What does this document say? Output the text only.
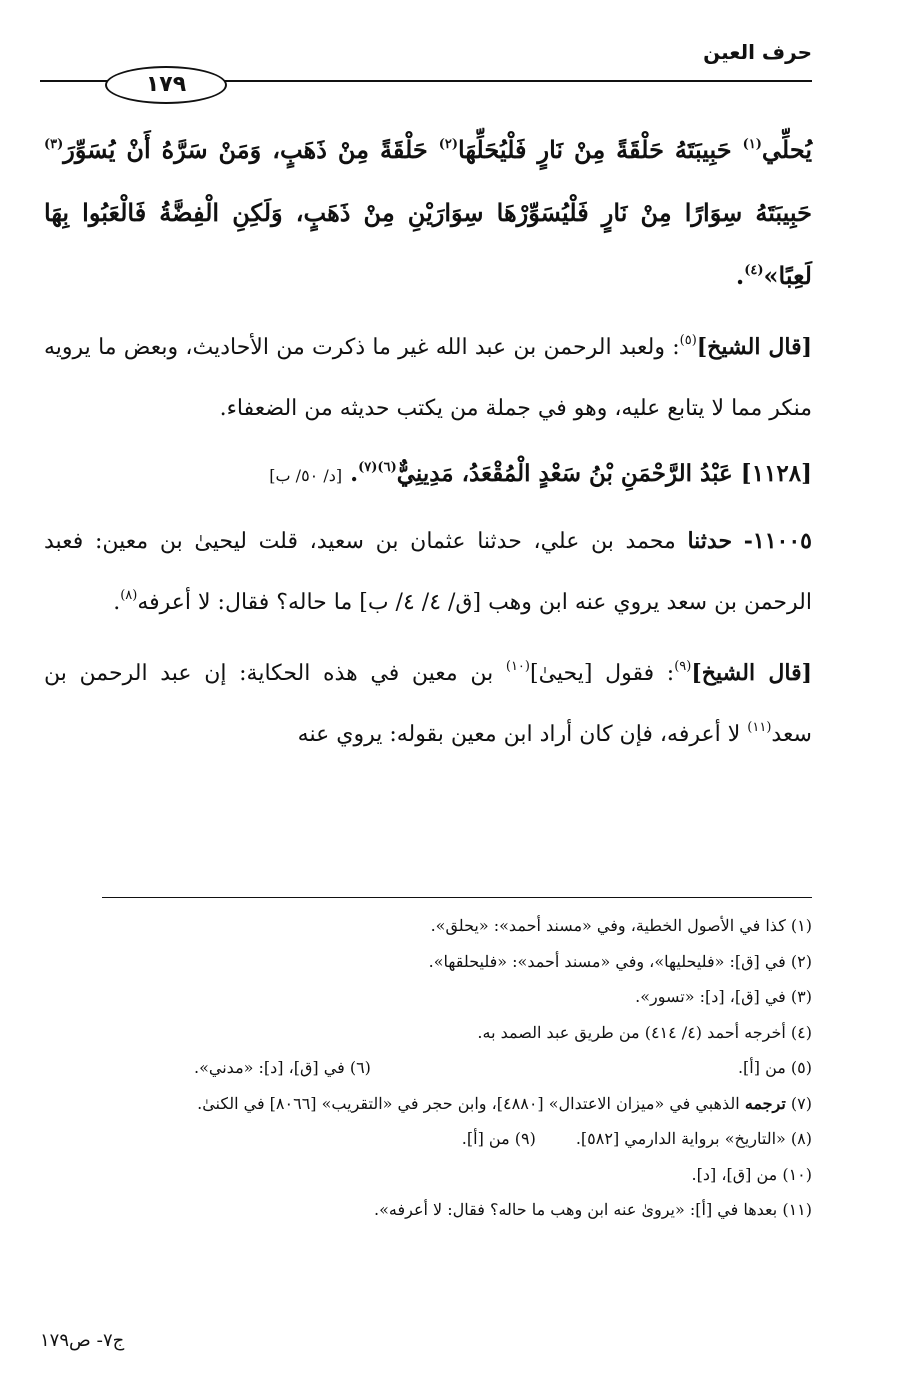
حرف العين
١٧٩

يُحلِّي$^{(١)}$ حَبِيبَتَهُ حَلْقَةً مِنْ نَارٍ فَلْيُحَلِّهَا$^{(٢)}$ حَلْقَةً مِنْ ذَهَبٍ، وَمَنْ سَرَّهُ أَنْ يُسَوِّرَ$^{(٣)}$ حَبِيبَتَهُ سِوَارًا مِنْ نَارٍ فَلْيُسَوِّرْهَا سِوَارَيْنِ مِنْ ذَهَبٍ، وَلَكِنِ الْفِضَّةُ فَالْعَبُوا بِهَا لَعِبًا»$^{(٤)}$.

[قال الشيخ]$^{(٥)}$: ولعبد الرحمن بن عبد الله غير ما ذكرت من الأحاديث، وبعض ما يرويه منكر مما لا يتابع عليه، وهو في جملة من يكتب حديثه من الضعفاء.

[١١٢٨] عَبْدُ الرَّحْمَنِ بْنُ سَعْدٍ الْمُقْعَدُ، مَدِينِيٌّ$^{(٦)(٧)}$. [د/ ٥٠/ ب]

١١٠٠٥- حدثنا محمد بن علي، حدثنا عثمان بن سعيد، قلت ليحيىٰ بن معين: فعبد الرحمن بن سعد يروي عنه ابن وهب [ق/ ٤/ ٤/ ب] ما حاله؟ فقال: لا أعرفه$^{(٨)}$.

[قال الشيخ]$^{(٩)}$: فقول [يحيىٰ]$^{(١٠)}$ بن معين في هذه الحكاية: إن عبد الرحمن بن سعد$^{(١١)}$ لا أعرفه، فإن كان أراد ابن معين بقوله: يروي عنه

(١) كذا في الأصول الخطية، وفي «مسند أحمد»: «يحلق».

(٢) في [ق]: «فليحليها»، وفي «مسند أحمد»: «فليحلقها».

(٣) في [ق]، [د]: «تسور».

(٤) أخرجه أحمد (٤/ ٤١٤) من طريق عبد الصمد به.

(٥) من [أ].
(٦) في [ق]، [د]: «مدني».

(٧) ترجمه الذهبي في «ميزان الاعتدال» [٤٨٨٠]، وابن حجر في «التقريب» [٨٠٦٦] في الكنىٰ.

(٨) «التاريخ» برواية الدارمي [٥٨٢].
(٩) من [أ].

(١٠) من [ق]، [د].

(١١) بعدها في [أ]: «يرویٰ عنه ابن وهب ما حاله؟ فقال: لا أعرفه».

ج٧- ص١٧٩
